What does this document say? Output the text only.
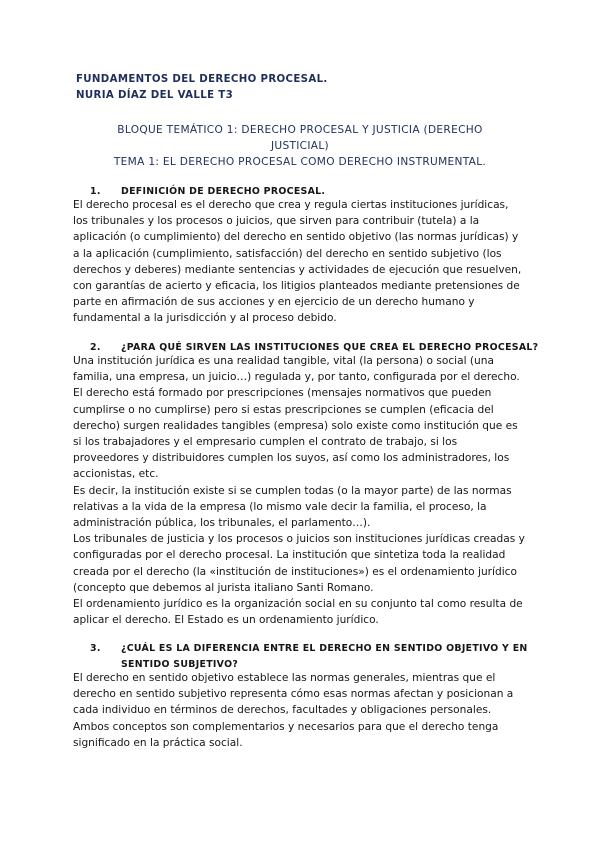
FUNDAMENTOS DEL DERECHO PROCESAL.
NURIA DÍAZ DEL VALLE T3
BLOQUE TEMÁTICO 1: DERECHO PROCESAL Y JUSTICIA (DERECHO
JUSTICIAL)
TEMA 1: EL DERECHO PROCESAL COMO DERECHO INSTRUMENTAL.
1.	DEFINICIÓN DE DERECHO PROCESAL.
El derecho procesal es el derecho que crea y regula ciertas instituciones jurídicas,
los tribunales y los procesos o juicios, que sirven para contribuir (tutela) a la
aplicación (o cumplimiento) del derecho en sentido objetivo (las normas jurídicas) y
a la aplicación (cumplimiento, satisfacción) del derecho en sentido subjetivo (los
derechos y deberes) mediante sentencias y actividades de ejecución que resuelven,
con garantías de acierto y eficacia, los litigios planteados mediante pretensiones de
parte en afirmación de sus acciones y en ejercicio de un derecho humano y
fundamental a la jurisdicción y al proceso debido.
2.	¿PARA QUÉ SIRVEN LAS INSTITUCIONES QUE CREA EL DERECHO PROCESAL?
Una institución jurídica es una realidad tangible, vital (la persona) o social (una
familia, una empresa, un juicio…) regulada y, por tanto, configurada por el derecho.
El derecho está formado por prescripciones (mensajes normativos que pueden
cumplirse o no cumplirse) pero si estas prescripciones se cumplen (eficacia del
derecho) surgen realidades tangibles (empresa) solo existe como institución que es
si los trabajadores y el empresario cumplen el contrato de trabajo, si los
proveedores y distribuidores cumplen los suyos, así como los administradores, los
accionistas, etc.
Es decir, la institución existe si se cumplen todas (o la mayor parte) de las normas
relativas a la vida de la empresa (lo mismo vale decir la familia, el proceso, la
administración pública, los tribunales, el parlamento…).
Los tribunales de justicia y los procesos o juicios son instituciones jurídicas creadas y
configuradas por el derecho procesal. La institución que sintetiza toda la realidad
creada por el derecho (la «institución de instituciones») es el ordenamiento jurídico
(concepto que debemos al jurista italiano Santi Romano.
El ordenamiento jurídico es la organización social en su conjunto tal como resulta de
aplicar el derecho. El Estado es un ordenamiento jurídico.
3.	¿CUÁL ES LA DIFERENCIA ENTRE EL DERECHO EN SENTIDO OBJETIVO Y EN
SENTIDO SUBJETIVO?
El derecho en sentido objetivo establece las normas generales, mientras que el
derecho en sentido subjetivo representa cómo esas normas afectan y posicionan a
cada individuo en términos de derechos, facultades y obligaciones personales.
Ambos conceptos son complementarios y necesarios para que el derecho tenga
significado en la práctica social.
